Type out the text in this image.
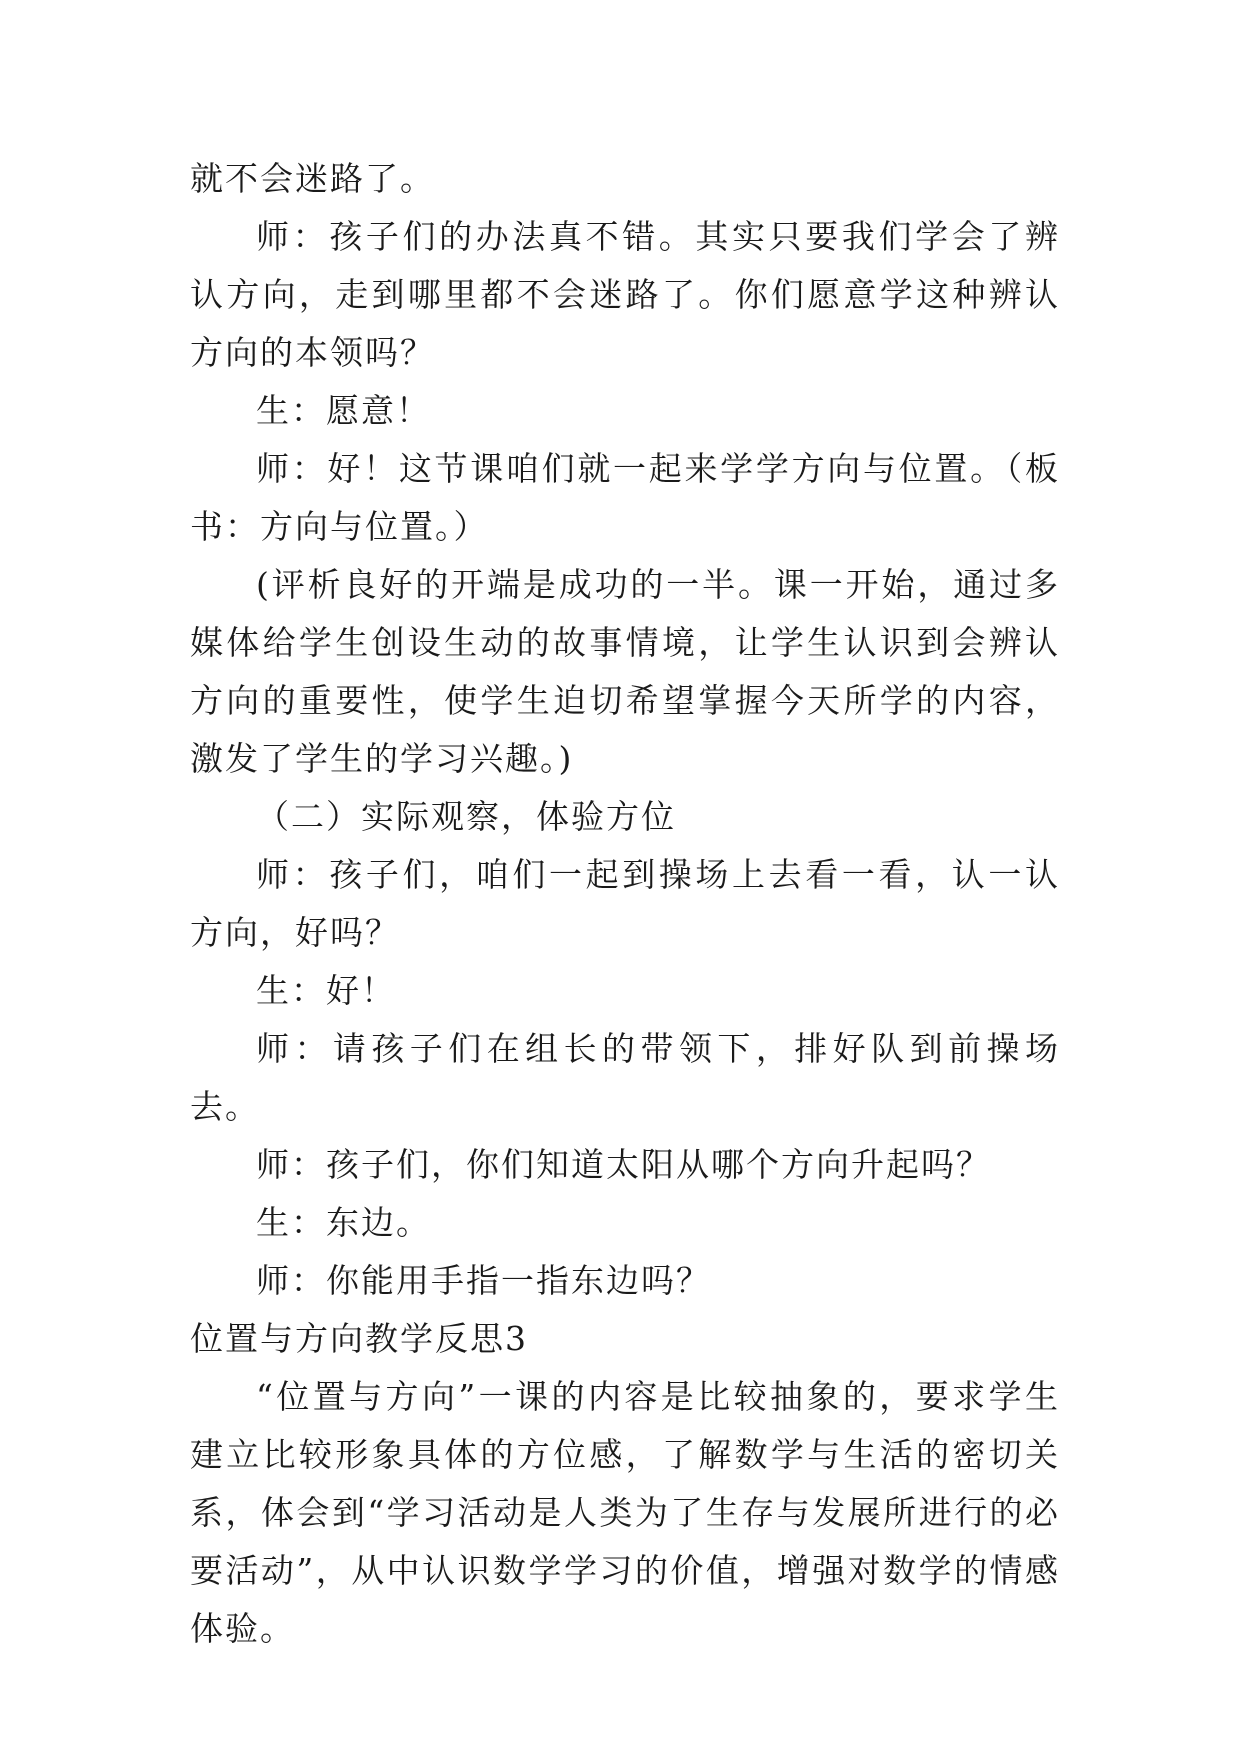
就不会迷路了。

师：孩子们的办法真不错。其实只要我们学会了辨认方向，走到哪里都不会迷路了。你们愿意学这种辨认方向的本领吗？

生：愿意！

师：好！这节课咱们就一起来学学方向与位置。（板书：方向与位置。）

(评析良好的开端是成功的一半。课一开始，通过多媒体给学生创设生动的故事情境，让学生认识到会辨认方向的重要性，使学生迫切希望掌握今天所学的内容，激发了学生的学习兴趣。)

（二）实际观察，体验方位

师：孩子们，咱们一起到操场上去看一看，认一认方向，好吗？

生：好！

师：请孩子们在组长的带领下，排好队到前操场去。

师：孩子们，你们知道太阳从哪个方向升起吗？

生：东边。

师：你能用手指一指东边吗？

位置与方向教学反思3

“位置与方向”一课的内容是比较抽象的，要求学生建立比较形象具体的方位感，了解数学与生活的密切关系，体会到“学习活动是人类为了生存与发展所进行的必要活动”，从中认识数学学习的价值，增强对数学的情感体验。
